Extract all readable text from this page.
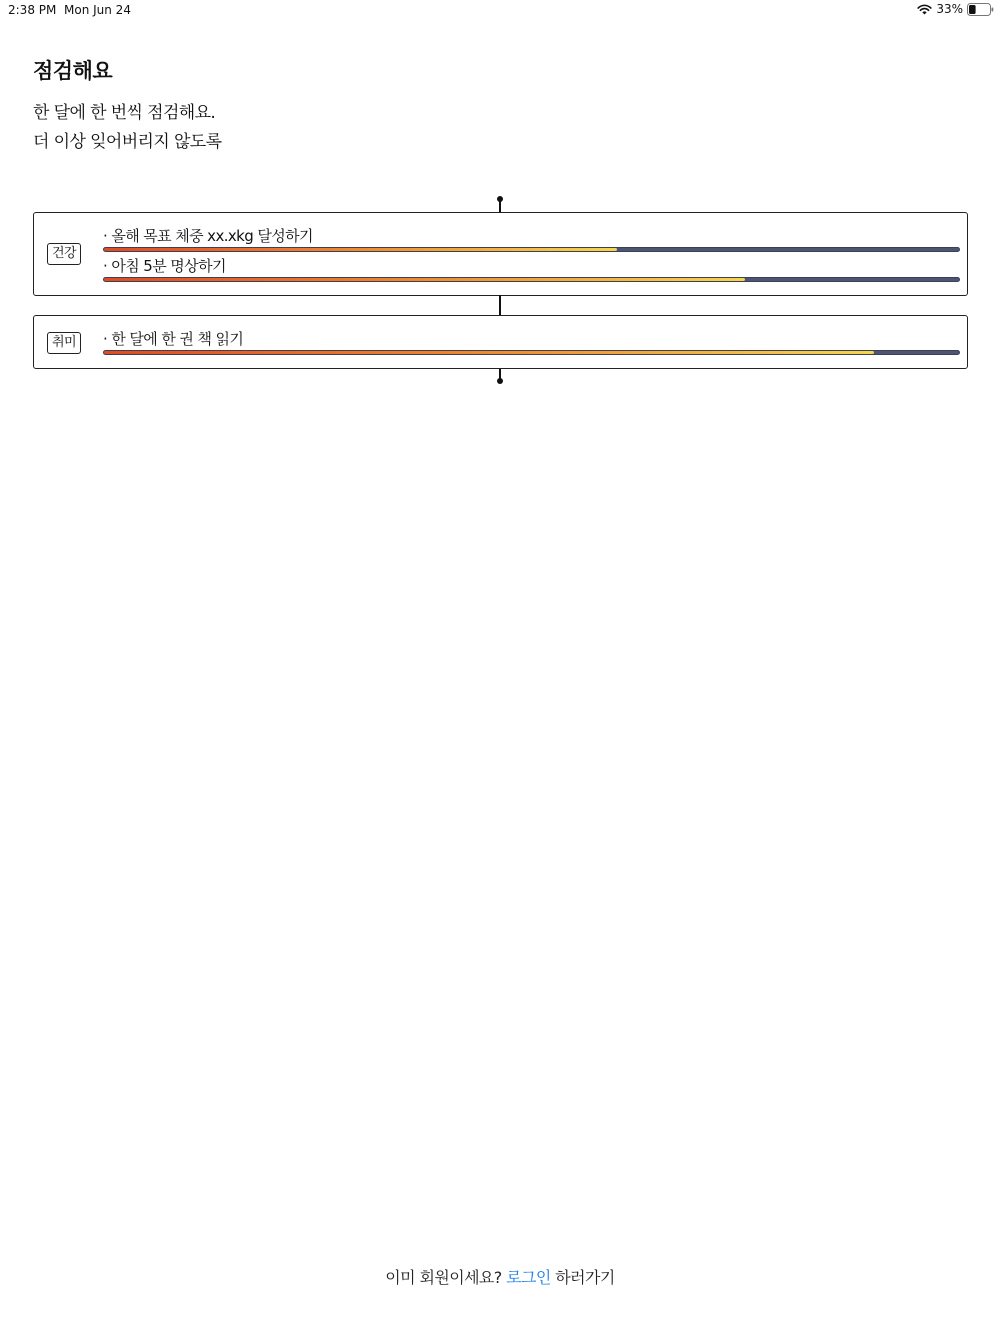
2:38 PM Mon Jun 24	33%
점검해요

한 달에 한 번씩 점검해요.

더 이상 잊어버리지 않도록

건강
· 올해 목표 체중 xx.xkg 달성하기
· 아침 5분 명상하기
취미	· 한 달에 한 권 책 읽기
이미 회원이세요? 로그인 하러가기
